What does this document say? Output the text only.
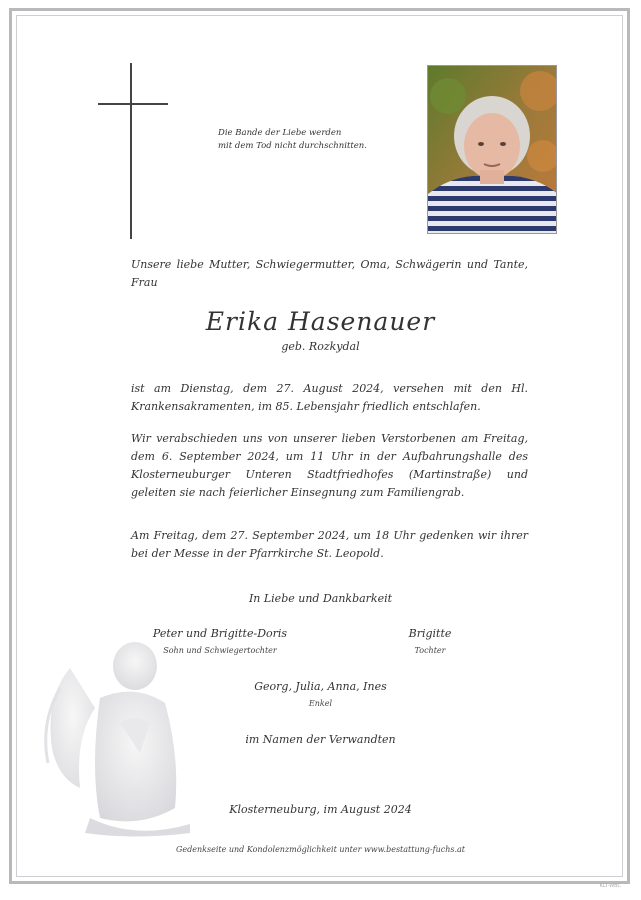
Die Bande der Liebe werden
mit dem Tod nicht durchschnitten.
Unsere liebe Mutter, Schwiegermutter, Oma, Schwägerin und Tante, Frau
Erika Hasenauer
geb. Rozkydal
ist am Dienstag, dem 27. August 2024, versehen mit den Hl. Krankensakramenten, im 85. Lebensjahr friedlich entschlafen.
Wir verabschieden uns von unserer lieben Verstorbenen am Freitag, dem 6. September 2024, um 11 Uhr in der Aufbahrungshalle des Klosterneuburger Unteren Stadtfriedhofes (Martinstraße) und geleiten sie nach feierlicher Einsegnung zum Familiengrab.
Am Freitag, dem 27. September 2024, um 18 Uhr gedenken wir ihrer bei der Messe in der Pfarrkirche St. Leopold.
In Liebe und Dankbarkeit
Peter und Brigitte-Doris
Sohn und Schwiegertochter
Brigitte
Tochter
Georg, Julia, Anna, Ines
Enkel
im Namen der Verwandten
Klosterneuburg, im August 2024
Gedenkseite und Kondolenzmöglichkeit unter www.bestattung-fuchs.at
KLT-WBC
